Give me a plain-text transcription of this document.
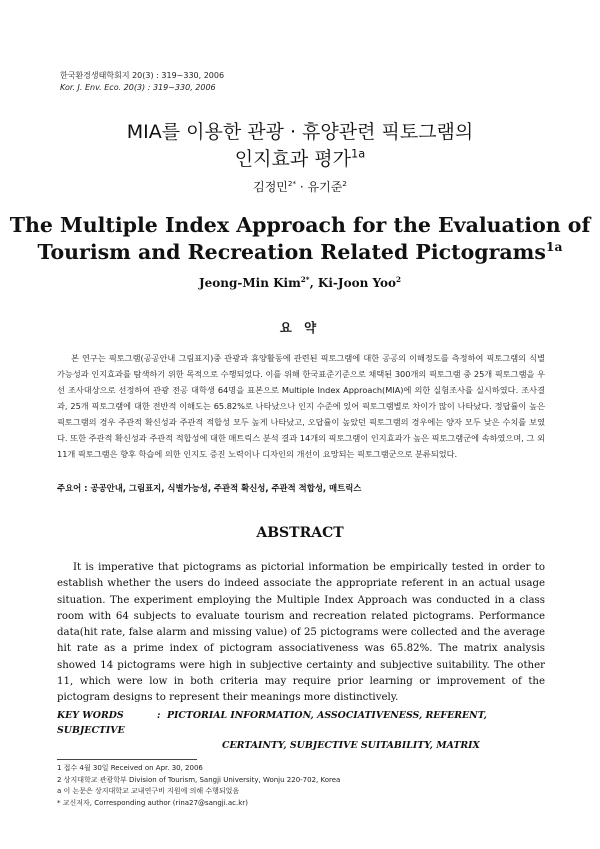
한국환경생태학회지 20(3) : 319~330, 2006
Kor. J. Env. Eco. 20(3) : 319~330, 2006
MIA를 이용한 관광 · 휴양관련 픽토그램의
인지효과 평가$^{1a}$
김정민$^{2*}$ · 유기준$^2$
The Multiple Index Approach for the Evaluation of
Tourism and Recreation Related Pictograms$^{1a}$
Jeong-Min Kim$^{2*}$, Ki-Joon Yoo$^2$
요 약

본 연구는 픽토그램(공공안내 그림표지)중 관광과 휴양활동에 관련된 픽토그램에 대한 공공의 이해정도를 측정하여 픽토그램의 식별가능성과 인지효과를 탐색하기 위한 목적으로 수행되었다. 이를 위해 한국표준기준으로 채택된 300개의 픽토그램 중 25개 픽토그램을 우선 조사대상으로 선정하여 관광 전공 대학생 64명을 표본으로 Multiple Index Approach(MIA)에 의한 실험조사를 실시하였다. 조사결과, 25개 픽토그램에 대한 전반적 이해도는 65.82%로 나타났으나 인지 수준에 있어 픽토그램별로 차이가 많이 나타났다. 정답률이 높은 픽토그램의 경우 주관적 확신성과 주관적 적합성 모두 높게 나타났고, 오답률이 높았던 픽토그램의 경우에는 양자 모두 낮은 수치를 보였다. 또한 주관적 확신성과 주관적 적합성에 대한 매트릭스 분석 결과 14개의 픽토그램이 인지효과가 높은 픽토그램군에 속하였으며, 그 외 11개 픽토그램은 향후 학습에 의한 인지도 증진 노력이나 디자인의 개선이 요망되는 픽토그램군으로 분류되었다.

주요어 : 공공안내, 그림표지, 식별가능성, 주관적 확신성, 주관적 적합성, 매트릭스
ABSTRACT

It is imperative that pictograms as pictorial information be empirically tested in order to establish whether the users do indeed associate the appropriate referent in an actual usage situation. The experiment employing the Multiple Index Approach was conducted in a class room with 64 subjects to evaluate tourism and recreation related pictograms. Performance data(hit rate, false alarm and missing value) of 25 pictograms were collected and the average hit rate as a prime index of pictogram associativeness was 65.82%. The matrix analysis showed 14 pictograms were high in subjective certainty and subjective suitability. The other 11, which were low in both criteria may require prior learning or improvement of the pictogram designs to represent their meanings more distinctively.

KEY WORDS	: PICTORIAL INFORMATION, ASSOCIATIVENESS, REFERENT, SUBJECTIVE
CERTAINTY, SUBJECTIVE SUITABILITY, MATRIX
1 접수 4월 30일 Received on Apr. 30, 2006
2 상지대학교 관광학부 Division of Tourism, Sangji University, Wonju 220-702, Korea
a 이 논문은 상지대학교 교내연구비 지원에 의해 수행되었음
* 교신저자, Corresponding author (rina27@sangji.ac.kr)
